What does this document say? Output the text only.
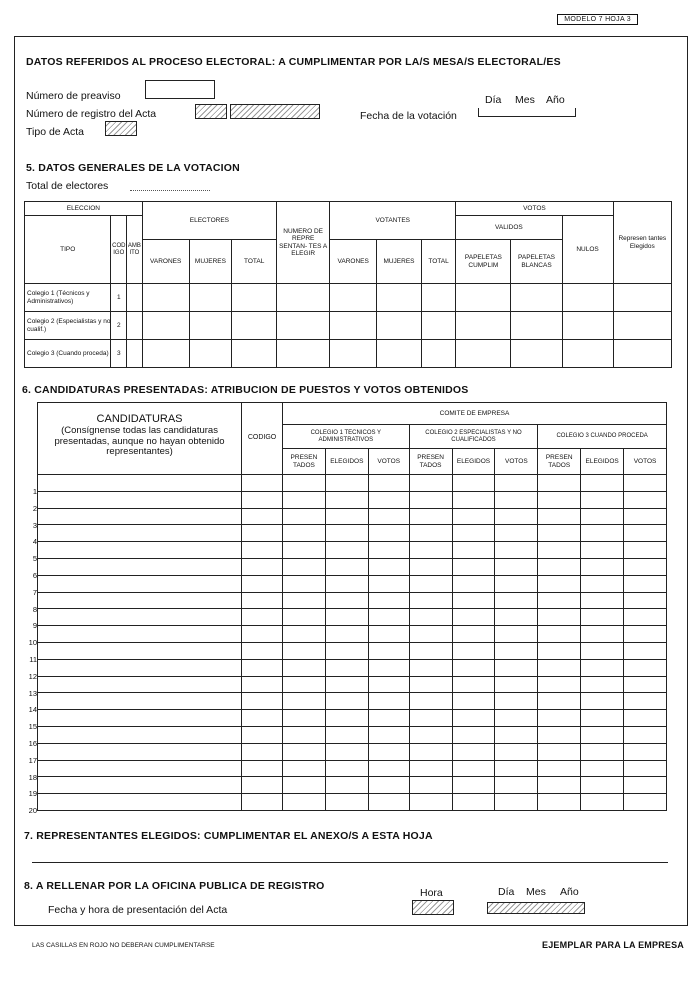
MODELO 7 HOJA 3
DATOS REFERIDOS AL PROCESO ELECTORAL: A CUMPLIMENTAR POR LA/S MESA/S ELECTORAL/ES
Número de preaviso
Número de registro del Acta
Tipo de Acta
Día Mes Año
Fecha de la votación
5. DATOS GENERALES DE LA VOTACION
Total de electores
ELECCION			ELECTORES			NUMERO DE REPRE SENTAN- TES A ELEGIR	VOTANTES			VOTOS			Represen tantes Elegidos
TIPO	CODIGO	AMBITO								VALIDOS		NULOS	
			VARONES	MUJERES	TOTAL		VARONES	MUJERES	TOTAL	PAPELETAS CUMPLIM	PAPELETAS BLANCAS		
Colegio 1 (Técnicos y Administrativos)	1												
Colegio 2 (Especialistas y no cualif.)	2												
Colegio 3 (Cuando proceda)	3												
6. CANDIDATURAS PRESENTADAS: ATRIBUCION DE PUESTOS Y VOTOS OBTENIDOS
1
2
3
4
5
6
7
8
9
10
11
12
13
14
15
16
17
18
19
20
CANDIDATURAS
(Consígnense todas las candidaturas presentadas, aunque no hayan obtenido representantes)	CODIGO	COMITE DE EMPRESA								
		COLEGIO 1 TECNICOS Y ADMINISTRATIVOS			COLEGIO 2 ESPECIALISTAS Y NO CUALIFICADOS			COLEGIO 3 CUANDO PROCEDA		
		PRESEN TADOS	ELEGIDOS	VOTOS	PRESEN TADOS	ELEGIDOS	VOTOS	PRESEN TADOS	ELEGIDOS	VOTOS

7. REPRESENTANTES ELEGIDOS: CUMPLIMENTAR EL ANEXO/S A ESTA HOJA
8. A RELLENAR POR LA OFICINA PUBLICA DE REGISTRO
Fecha y hora de presentación del Acta
Hora	Día Mes Año
LAS CASILLAS EN ROJO NO DEBERAN CUMPLIMENTARSE	EJEMPLAR PARA LA EMPRESA
